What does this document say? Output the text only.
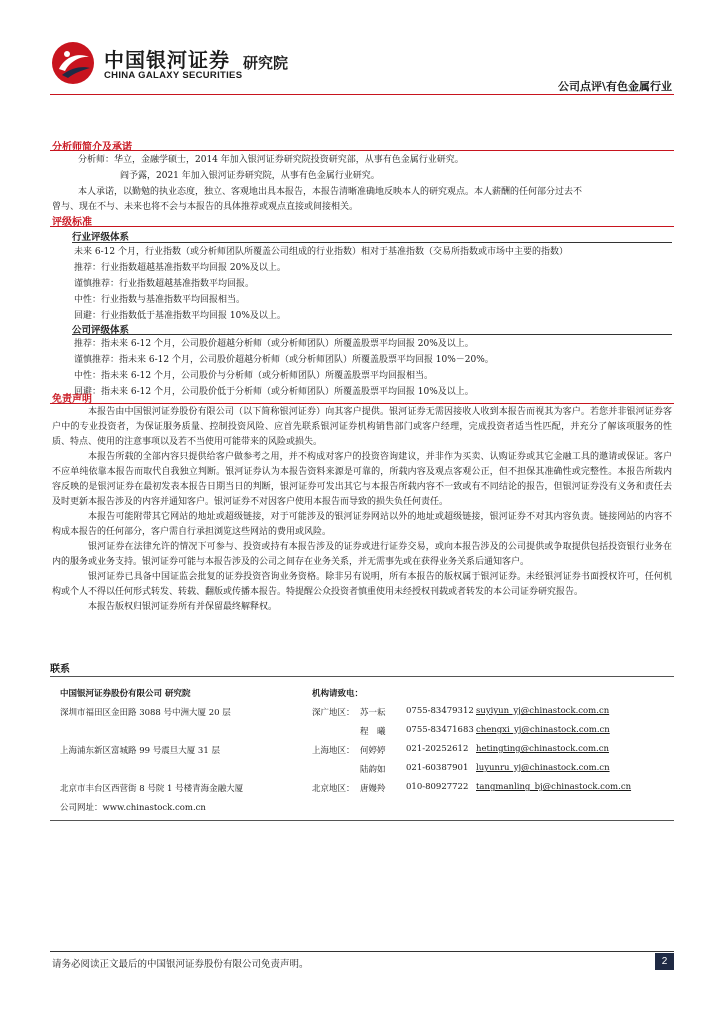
中国银河证券
CHINA GALAXY SECURITIES
研究院
公司点评\有色金属行业
分析师简介及承诺
分析师：华立，金融学硕士，2014 年加入银河证券研究院投资研究部，从事有色金属行业研究。
阎予露，2021 年加入银河证券研究院，从事有色金属行业研究。
本人承诺，以勤勉的执业态度，独立、客观地出具本报告，本报告清晰准确地反映本人的研究观点。本人薪酬的任何部分过去不
曾与、现在不与、未来也将不会与本报告的具体推荐或观点直接或间接相关。
评级标准
行业评级体系
未来 6-12 个月，行业指数（或分析师团队所覆盖公司组成的行业指数）相对于基准指数（交易所指数或市场中主要的指数）
推荐：行业指数超越基准指数平均回报 20%及以上。
谨慎推荐：行业指数超越基准指数平均回报。
中性：行业指数与基准指数平均回报相当。
回避：行业指数低于基准指数平均回报 10%及以上。
公司评级体系
推荐：指未来 6-12 个月，公司股价超越分析师（或分析师团队）所覆盖股票平均回报 20%及以上。
谨慎推荐：指未来 6-12 个月，公司股价超越分析师（或分析师团队）所覆盖股票平均回报 10%－20%。
中性：指未来 6-12 个月，公司股价与分析师（或分析师团队）所覆盖股票平均回报相当。
回避：指未来 6-12 个月，公司股价低于分析师（或分析师团队）所覆盖股票平均回报 10%及以上。
免责声明

本报告由中国银河证券股份有限公司（以下简称银河证券）向其客户提供。银河证券无需因接收人收到本报告而视其为客户。若您并非银河证券客户中的专业投资者，为保证服务质量、控制投资风险、应首先联系银河证券机构销售部门或客户经理，完成投资者适当性匹配，并充分了解该项服务的性质、特点、使用的注意事项以及若不当使用可能带来的风险或损失。

本报告所载的全部内容只提供给客户做参考之用，并不构成对客户的投资咨询建议，并非作为买卖、认购证券或其它金融工具的邀请或保证。客户不应单纯依靠本报告而取代自我独立判断。银河证券认为本报告资料来源是可靠的，所载内容及观点客观公正，但不担保其准确性或完整性。本报告所载内容反映的是银河证券在最初发表本报告日期当日的判断，银河证券可发出其它与本报告所载内容不一致或有不同结论的报告，但银河证券没有义务和责任去及时更新本报告涉及的内容并通知客户。银河证券不对因客户使用本报告而导致的损失负任何责任。

本报告可能附带其它网站的地址或超级链接，对于可能涉及的银河证券网站以外的地址或超级链接，银河证券不对其内容负责。链接网站的内容不构成本报告的任何部分，客户需自行承担浏览这些网站的费用或风险。

银河证券在法律允许的情况下可参与、投资或持有本报告涉及的证券或进行证券交易，或向本报告涉及的公司提供或争取提供包括投资银行业务在内的服务或业务支持。银河证券可能与本报告涉及的公司之间存在业务关系，并无需事先或在获得业务关系后通知客户。

银河证券已具备中国证监会批复的证券投资咨询业务资格。除非另有说明，所有本报告的版权属于银河证券。未经银河证券书面授权许可，任何机构或个人不得以任何形式转发、转载、翻版或传播本报告。特提醒公众投资者慎重使用未经授权刊载或者转发的本公司证券研究报告。

本报告版权归银河证券所有并保留最终解释权。

联系
中国银河证券股份有限公司 研究院	机构请致电：
深圳市福田区金田路 3088 号中洲大厦 20 层
上海浦东新区富城路 99 号震旦大厦 31 层
北京市丰台区西营街 8 号院 1 号楼青海金融大厦
公司网址：www.chinastock.com.cn
深广地区： 苏一耘 0755-83479312 suyiyun_yj@chinastock.com.cn
程　曦 0755-83471683 chengxi_yj@chinastock.com.cn
上海地区： 何婷婷 021-20252612 hetingting@chinastock.com.cn
陆韵如 021-60387901 luyunru_yj@chinastock.com.cn
北京地区： 唐嫚羚 010-80927722 tangmanling_bj@chinastock.com.cn
请务必阅读正文最后的中国银河证券股份有限公司免责声明。	2
